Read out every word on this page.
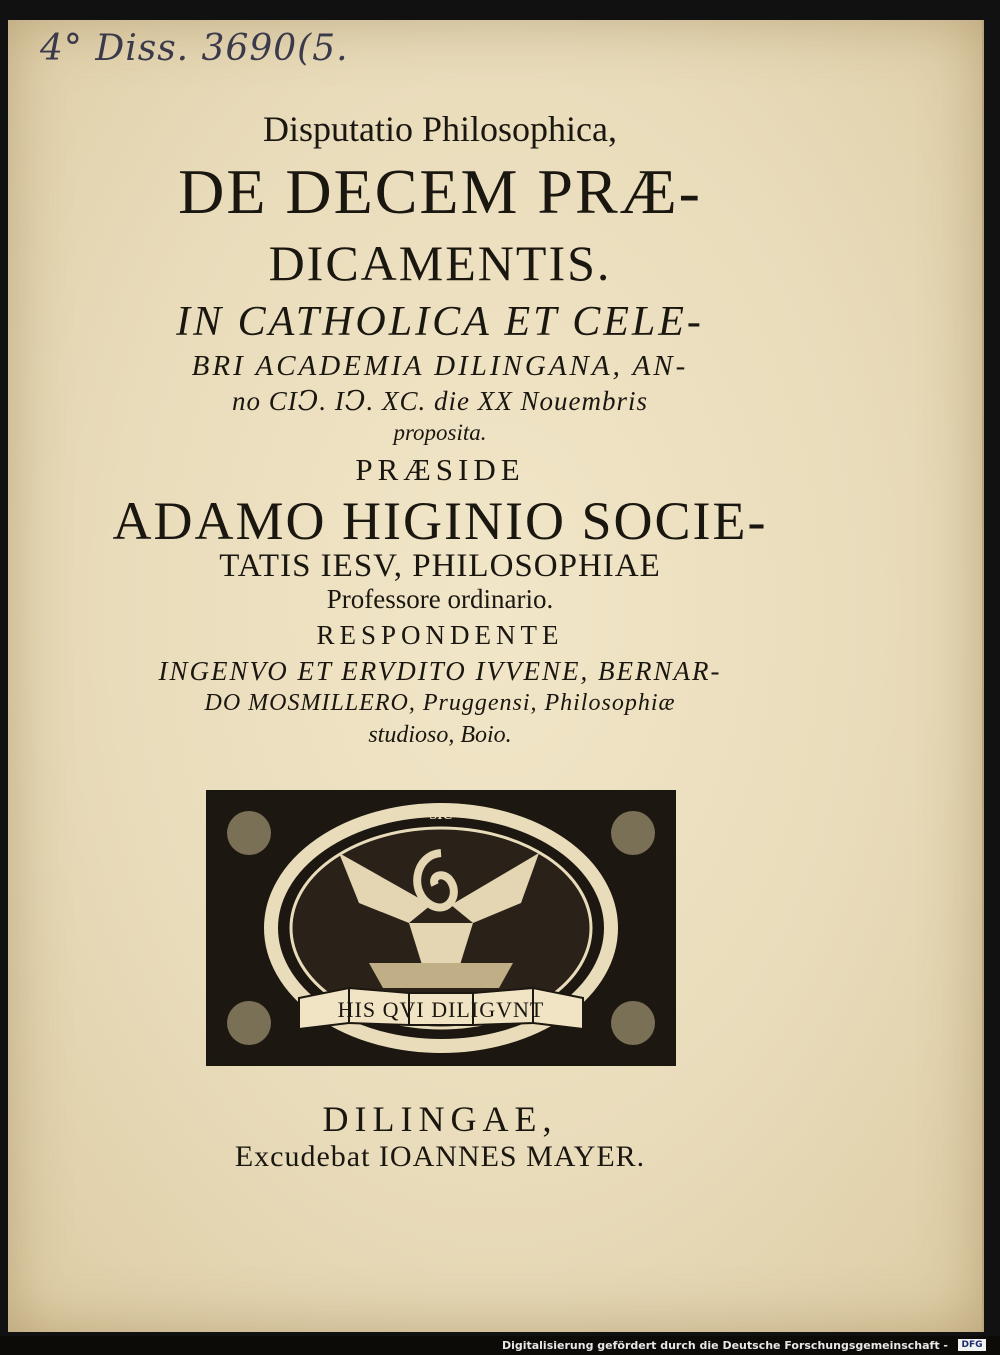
4° Diss. 3690(5.
Disputatio Philosophica,
DE DECEM PRÆ-
DICAMENTIS.
IN CATHOLICA ET CELE-
BRI ACADEMIA DILINGANA, AN-
no CIↃ. IↃ. XC. die XX Nouembris
proposita.
PRÆSIDE
ADAMO HIGINIO SOCIE-
TATIS IESV, PHILOSOPHIAE
Professore ordinario.
RESPONDENTE
INGENVO ET ERVDITO IVVENE, BERNAR-
DO MOSMILLERO, Pruggensi, Philosophiæ
studioso, Boio.
HIS QVI DILIGVNT
SIC
DILINGAE,
Excudebat IOANNES MAYER.
Digitalisierung gefördert durch die Deutsche Forschungsgemeinschaft -	DFG
